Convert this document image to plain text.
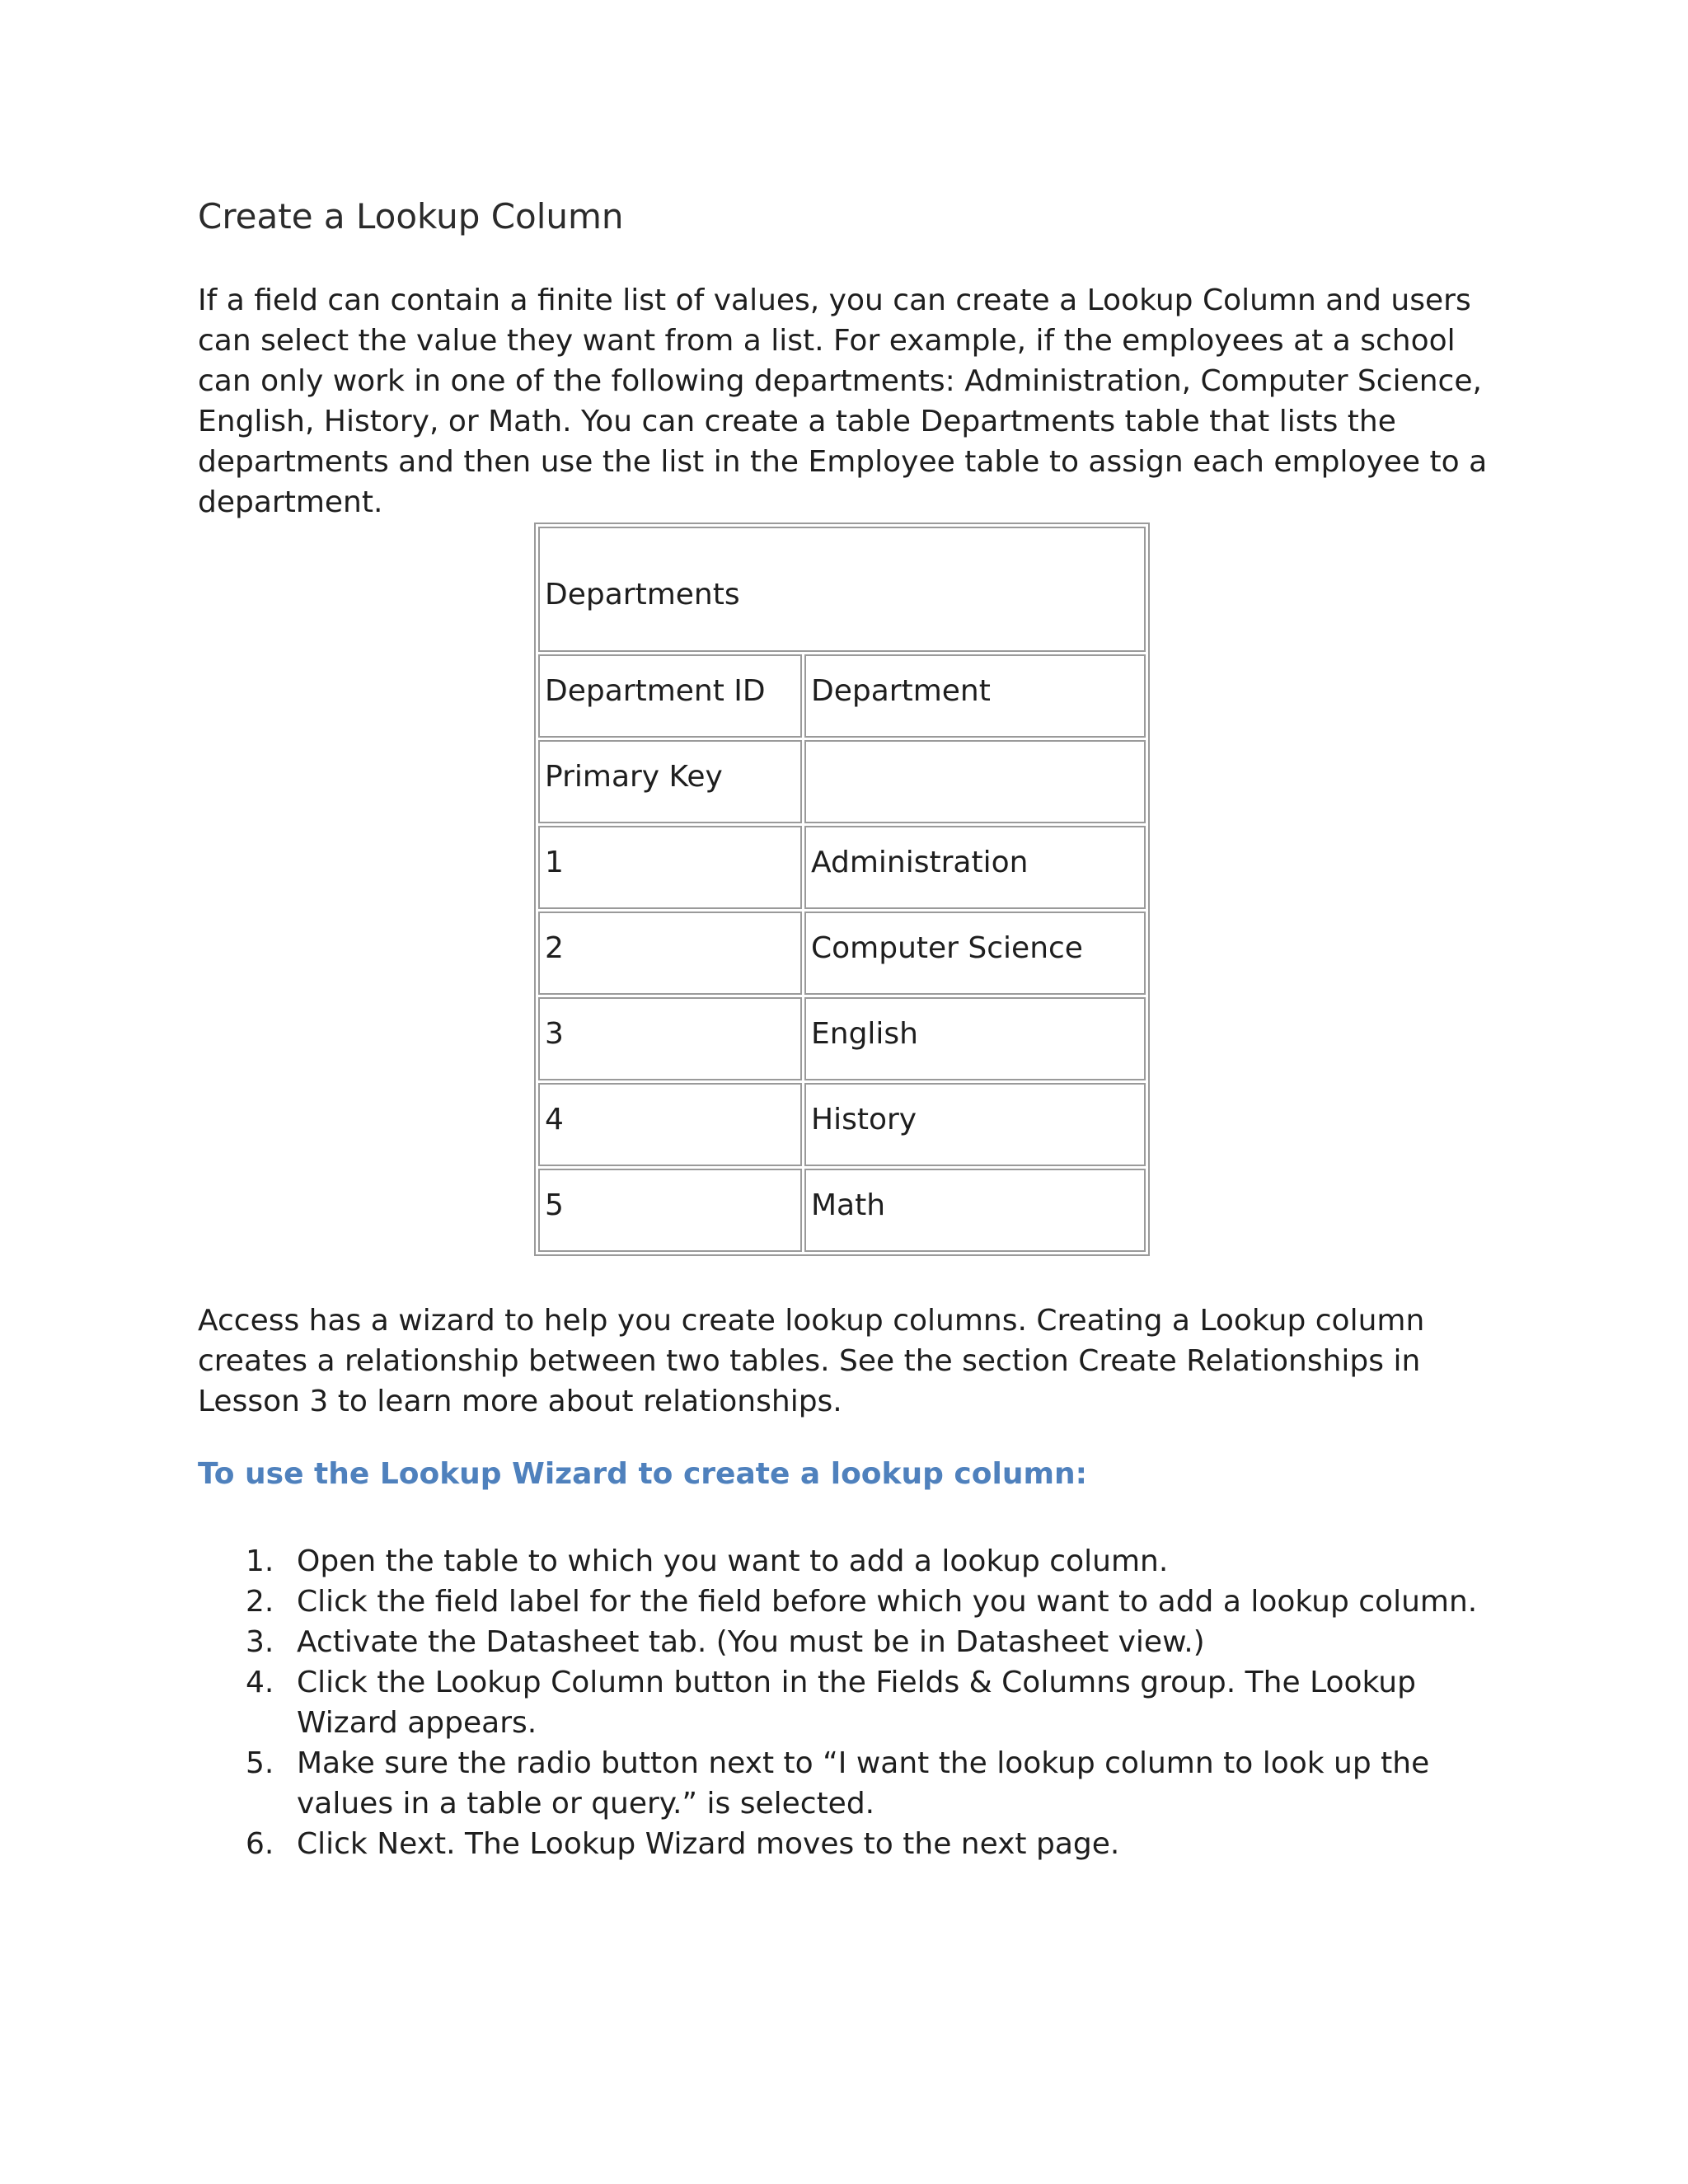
Create a Lookup Column

If a field can contain a finite list of values, you can create a Lookup Column and users can select the value they want from a list. For example, if the employees at a school can only work in one of the following departments: Administration, Computer Science, English, History, or Math. You can create a table Departments table that lists the departments and then use the list in the Employee table to assign each employee to a department.

Departments	
Department ID	Department
Primary Key	
1	Administration
2	Computer Science
3	English
4	History
5	Math

Access has a wizard to help you create lookup columns. Creating a Lookup column creates a relationship between two tables. See the section Create Relationships in Lesson 3 to learn more about relationships.

To use the Lookup Wizard to create a lookup column:
1. Open the table to which you want to add a lookup column.
2. Click the field label for the field before which you want to add a lookup column.
3. Activate the Datasheet tab. (You must be in Datasheet view.)
4. Click the Lookup Column button in the Fields & Columns group. The Lookup Wizard appears.
5. Make sure the radio button next to “I want the lookup column to look up the values in a table or query.” is selected.
6. Click Next. The Lookup Wizard moves to the next page.
